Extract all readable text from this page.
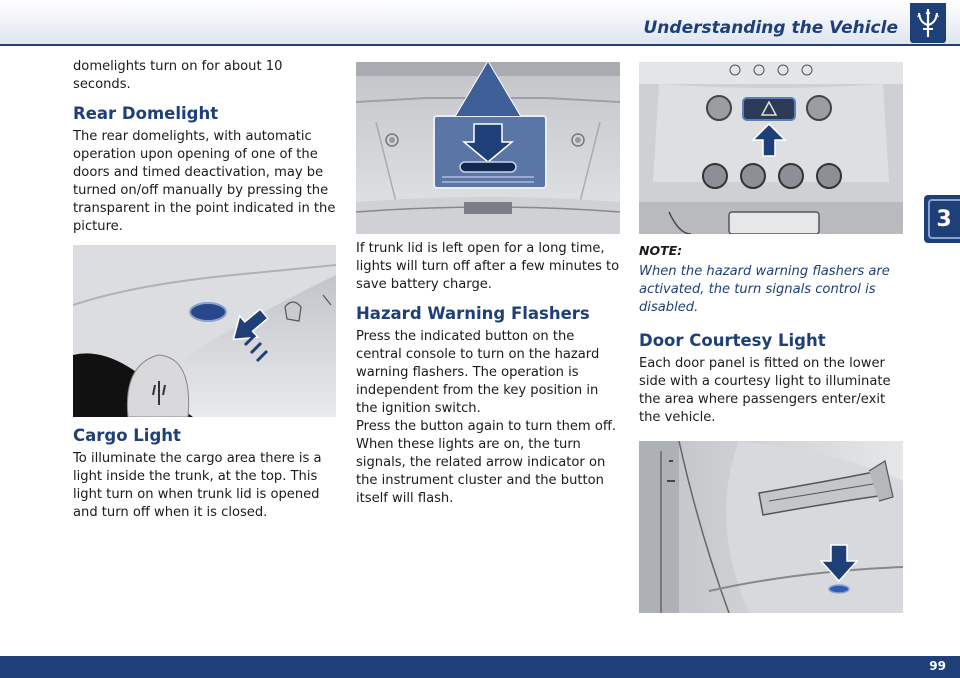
Understanding the Vehicle
3

domelights turn on for about 10 seconds.

Rear Domelight

The rear domelights, with automatic operation upon opening of one of the doors and timed deactivation, may be turned on/off manually by pressing the transparent in the point indicated in the picture.

Cargo Light

To illuminate the cargo area there is a light inside the trunk, at the top. This light turn on when trunk lid is opened and turn off when it is closed.

If trunk lid is left open for a long time, lights will turn off after a few minutes to save battery charge.

Hazard Warning Flashers

Press the indicated button on the central console to turn on the hazard warning flashers. The operation is independent from the key position in the ignition switch.

Press the button again to turn them off.

When these lights are on, the turn signals, the related arrow indicator on the instrument cluster and the button itself will flash.

NOTE:

When the hazard warning flashers are activated, the turn signals control is disabled.

Door Courtesy Light

Each door panel is fitted on the lower side with a courtesy light to illuminate the area where passengers enter/exit the vehicle.

99
